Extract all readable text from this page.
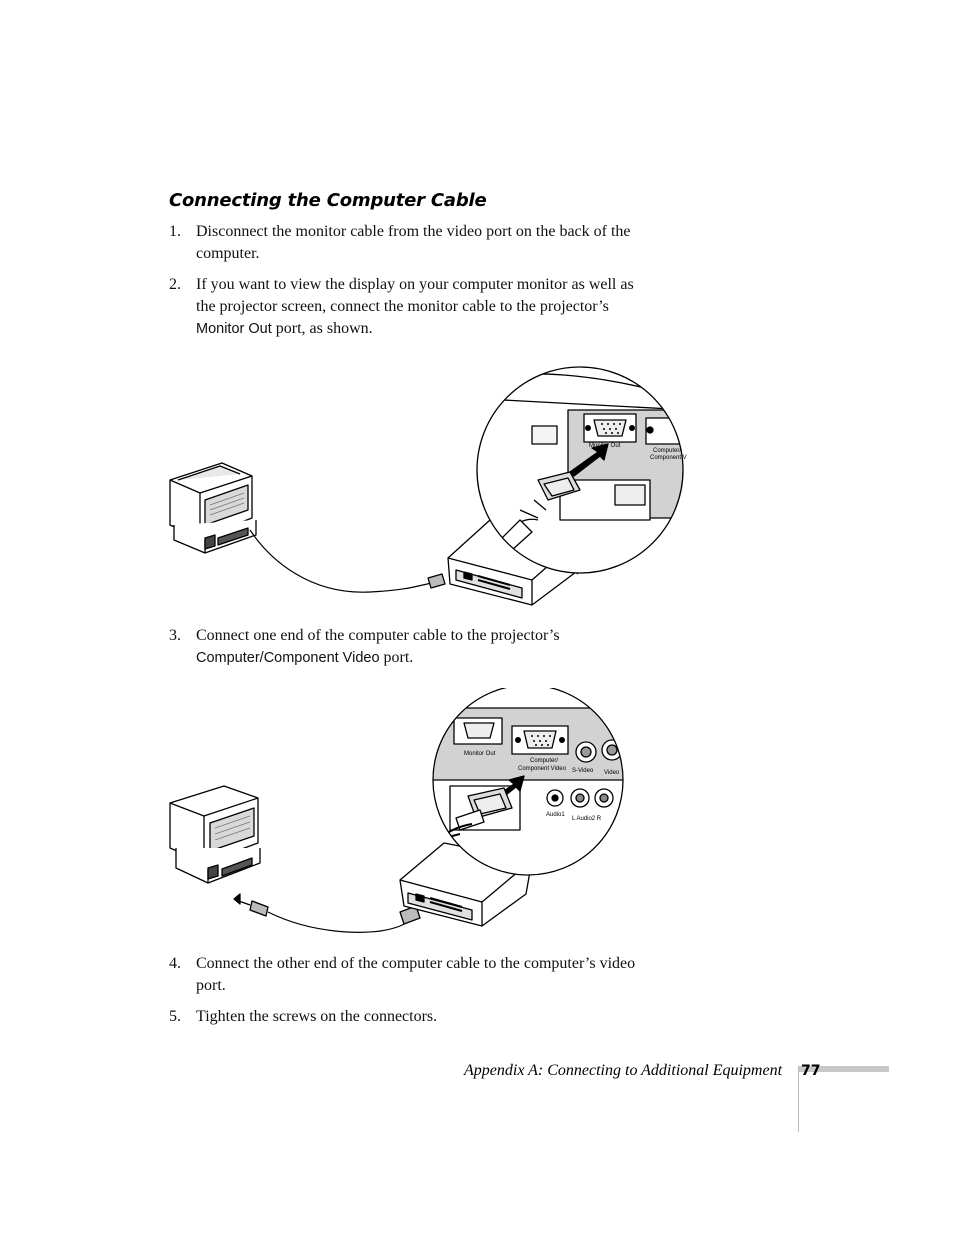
Connecting the Computer Cable
1. Disconnect the monitor cable from the video port on the back of the computer.
2. If you want to view the display on your computer monitor as well as the projector screen, connect the monitor cable to the projector’s Monitor Out port, as shown.
Monitor Out
Computer/
Component V
3. Connect one end of the computer cable to the projector’s Computer/Component Video port.
Monitor Out
Computer/
Component Video S-Video Video
Audio1
L Audio2 R
4. Connect the other end of the computer cable to the computer’s video port.
5. Tighten the screws on the connectors.
Appendix A: Connecting to Additional Equipment 77
